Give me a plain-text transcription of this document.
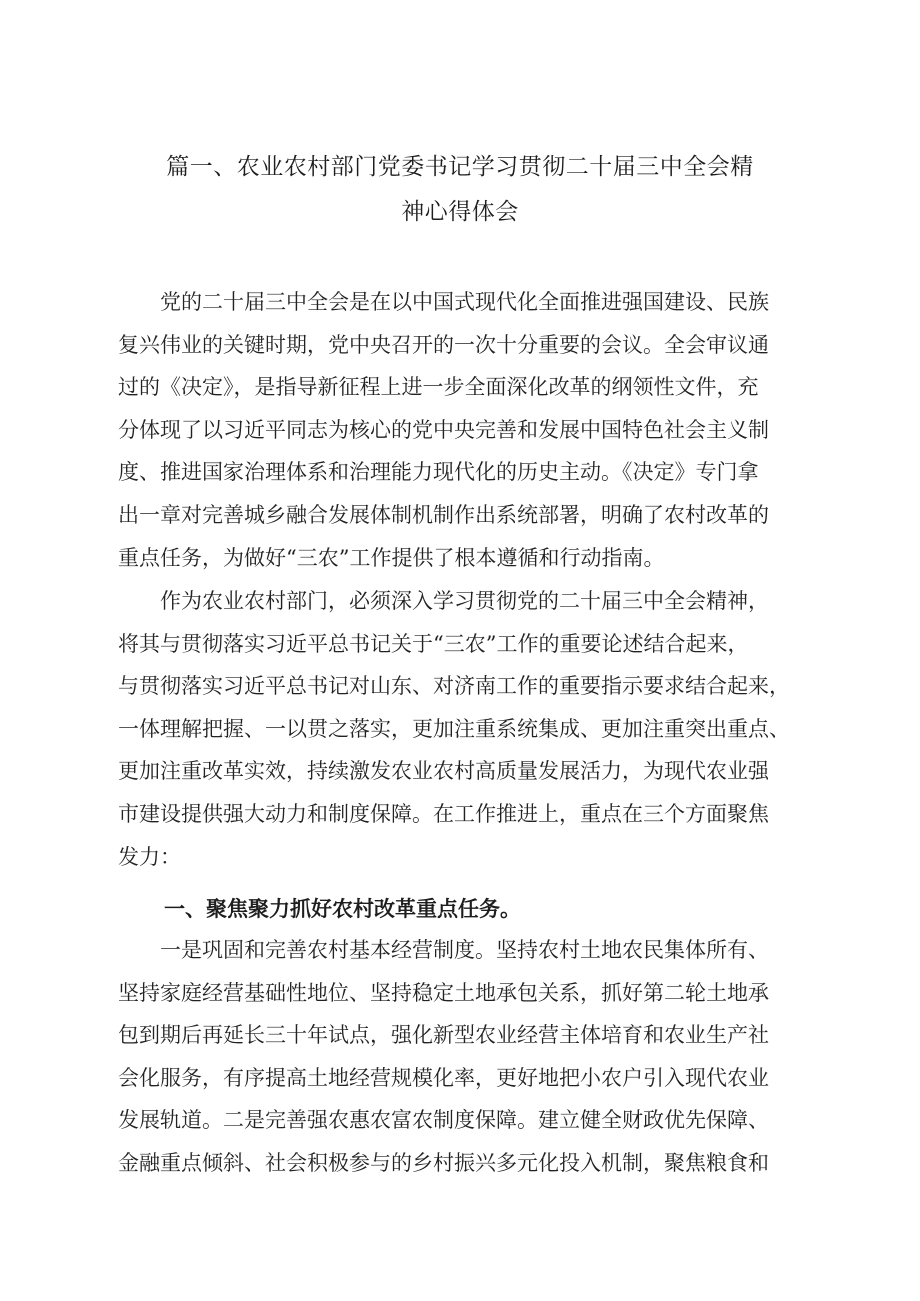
篇一、农业农村部门党委书记学习贯彻二十届三中全会精
神心得体会
　　党的二十届三中全会是在以中国式现代化全面推进强国建设、民族
复兴伟业的关键时期，党中央召开的一次十分重要的会议。全会审议通
过的《决定》，是指导新征程上进一步全面深化改革的纲领性文件，充
分体现了以习近平同志为核心的党中央完善和发展中国特色社会主义制
度、推进国家治理体系和治理能力现代化的历史主动。《决定》专门拿
出一章对完善城乡融合发展体制机制作出系统部署，明确了农村改革的
重点任务，为做好“三农”工作提供了根本遵循和行动指南。
　　作为农业农村部门，必须深入学习贯彻党的二十届三中全会精神，
将其与贯彻落实习近平总书记关于“三农”工作的重要论述结合起来，
与贯彻落实习近平总书记对山东、对济南工作的重要指示要求结合起来，
一体理解把握、一以贯之落实，更加注重系统集成、更加注重突出重点、
更加注重改革实效，持续激发农业农村高质量发展活力，为现代农业强
市建设提供强大动力和制度保障。在工作推进上，重点在三个方面聚焦
发力：
一、聚焦聚力抓好农村改革重点任务。
　　一是巩固和完善农村基本经营制度。坚持农村土地农民集体所有、
坚持家庭经营基础性地位、坚持稳定土地承包关系，抓好第二轮土地承
包到期后再延长三十年试点，强化新型农业经营主体培育和农业生产社
会化服务，有序提高土地经营规模化率，更好地把小农户引入现代农业
发展轨道。二是完善强农惠农富农制度保障。建立健全财政优先保障、
金融重点倾斜、社会积极参与的乡村振兴多元化投入机制，聚焦粮食和
